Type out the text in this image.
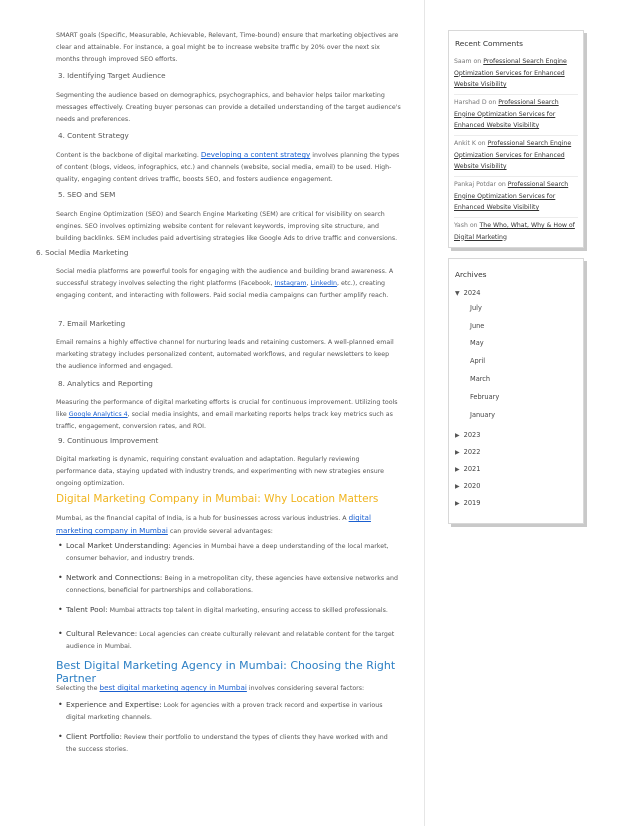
SMART goals (Specific, Measurable, Achievable, Relevant, Time-bound) ensure that marketing objectives are clear and attainable. For instance, a goal might be to increase website traffic by 20% over the next six months through improved SEO efforts.

3. Identifying Target Audience

Segmenting the audience based on demographics, psychographics, and behavior helps tailor marketing messages effectively. Creating buyer personas can provide a detailed understanding of the target audience's needs and preferences.

4. Content Strategy

Content is the backbone of digital marketing. Developing a content strategy involves planning the types of content (blogs, videos, infographics, etc.) and channels (website, social media, email) to be used. High-quality, engaging content drives traffic, boosts SEO, and fosters audience engagement.

5. SEO and SEM

Search Engine Optimization (SEO) and Search Engine Marketing (SEM) are critical for visibility on search engines. SEO involves optimizing website content for relevant keywords, improving site structure, and building backlinks. SEM includes paid advertising strategies like Google Ads to drive traffic and conversions.

6. Social Media Marketing

Social media platforms are powerful tools for engaging with the audience and building brand awareness. A successful strategy involves selecting the right platforms (Facebook, Instagram, LinkedIn, etc.), creating engaging content, and interacting with followers. Paid social media campaigns can further amplify reach.

7. Email Marketing

Email remains a highly effective channel for nurturing leads and retaining customers. A well-planned email marketing strategy includes personalized content, automated workflows, and regular newsletters to keep the audience informed and engaged.

8. Analytics and Reporting

Measuring the performance of digital marketing efforts is crucial for continuous improvement. Utilizing tools like Google Analytics 4, social media insights, and email marketing reports helps track key metrics such as traffic, engagement, conversion rates, and ROI.

9. Continuous Improvement

Digital marketing is dynamic, requiring constant evaluation and adaptation. Regularly reviewing performance data, staying updated with industry trends, and experimenting with new strategies ensure ongoing optimization.

Digital Marketing Company in Mumbai: Why Location Matters

Mumbai, as the financial capital of India, is a hub for businesses across various industries. A digital marketing company in Mumbai can provide several advantages:

• Local Market Understanding: Agencies in Mumbai have a deep understanding of the local market, consumer behavior, and industry trends.
• Network and Connections: Being in a metropolitan city, these agencies have extensive networks and connections, beneficial for partnerships and collaborations.
• Talent Pool: Mumbai attracts top talent in digital marketing, ensuring access to skilled professionals.
• Cultural Relevance: Local agencies can create culturally relevant and relatable content for the target audience in Mumbai.
Best Digital Marketing Agency in Mumbai: Choosing the Right Partner

Selecting the best digital marketing agency in Mumbai involves considering several factors:

• Experience and Expertise: Look for agencies with a proven track record and expertise in various digital marketing channels.
• Client Portfolio: Review their portfolio to understand the types of clients they have worked with and the success stories.
Recent Comments
Saam on Professional Search Engine Optimization Services for Enhanced Website Visibility
Harshad D on Professional Search Engine Optimization Services for Enhanced Website Visibility
Ankit K on Professional Search Engine Optimization Services for Enhanced Website Visibility
Pankaj Potdar on Professional Search Engine Optimization Services for Enhanced Website Visibility
Yash on The Who, What, Why & How of Digital Marketing
Archives
▼ 2024
July
June
May
April
March
February
January
▶ 2023
▶ 2022
▶ 2021
▶ 2020
▶ 2019
